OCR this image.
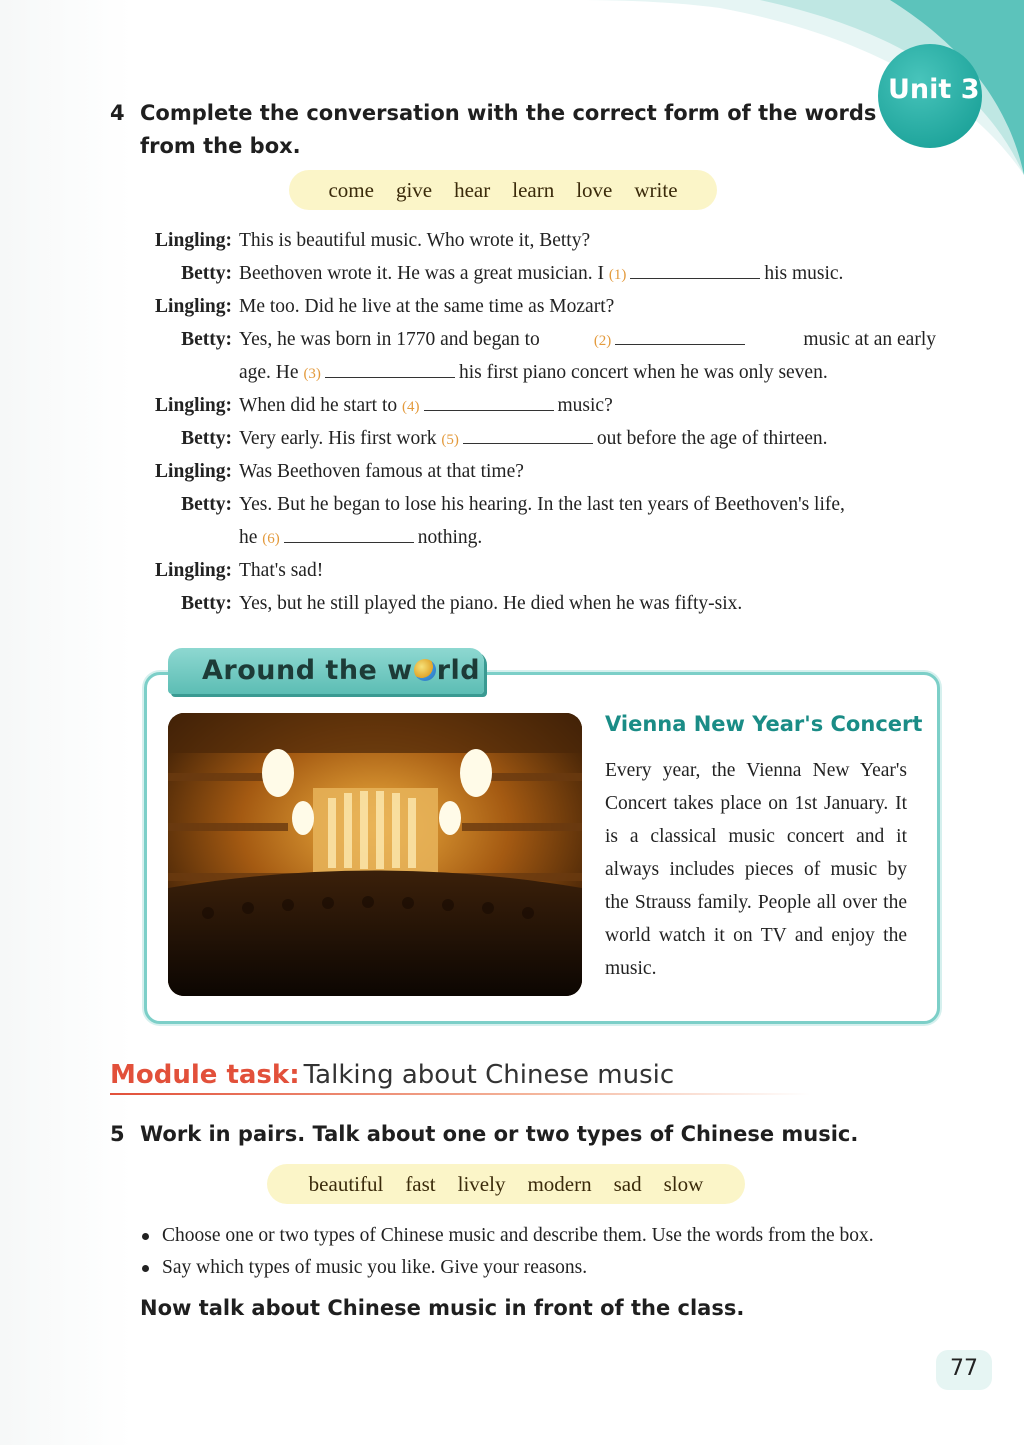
Unit 3
4 Complete the conversation with the correct form of the words
from the box.
come give hear learn love write
Lingling: This is beautiful music. Who wrote it, Betty?
Betty: Beethoven wrote it. He was a great musician. I (1)	his music.
Lingling: Me too. Did he live at the same time as Mozart?
Betty: Yes, he was born in 1770 and began to	(2)	music at an early
age. He (3)	his first piano concert when he was only seven.
Lingling: When did he start to (4)	music?
Betty: Very early. His first work (5)	out before the age of thirteen.
Lingling: Was Beethoven famous at that time?
Betty: Yes. But he began to lose his hearing. In the last ten years of Beethoven's life,
he (6)	nothing.
Lingling: That's sad!
Betty: Yes, but he still played the piano. He died when he was fifty-six.
Around the w rld
Vienna New Year's Concert
Every year, the Vienna New Year's Concert takes place on 1st January. It is a classical music concert and it always includes pieces of music by the Strauss family. People all over the world watch it on TV and enjoy the music.
Module task: Talking about Chinese music
5 Work in pairs. Talk about one or two types of Chinese music.
beautiful fast lively modern sad slow
Choose one or two types of Chinese music and describe them. Use the words from the box.
Say which types of music you like. Give your reasons.
Now talk about Chinese music in front of the class.
77
